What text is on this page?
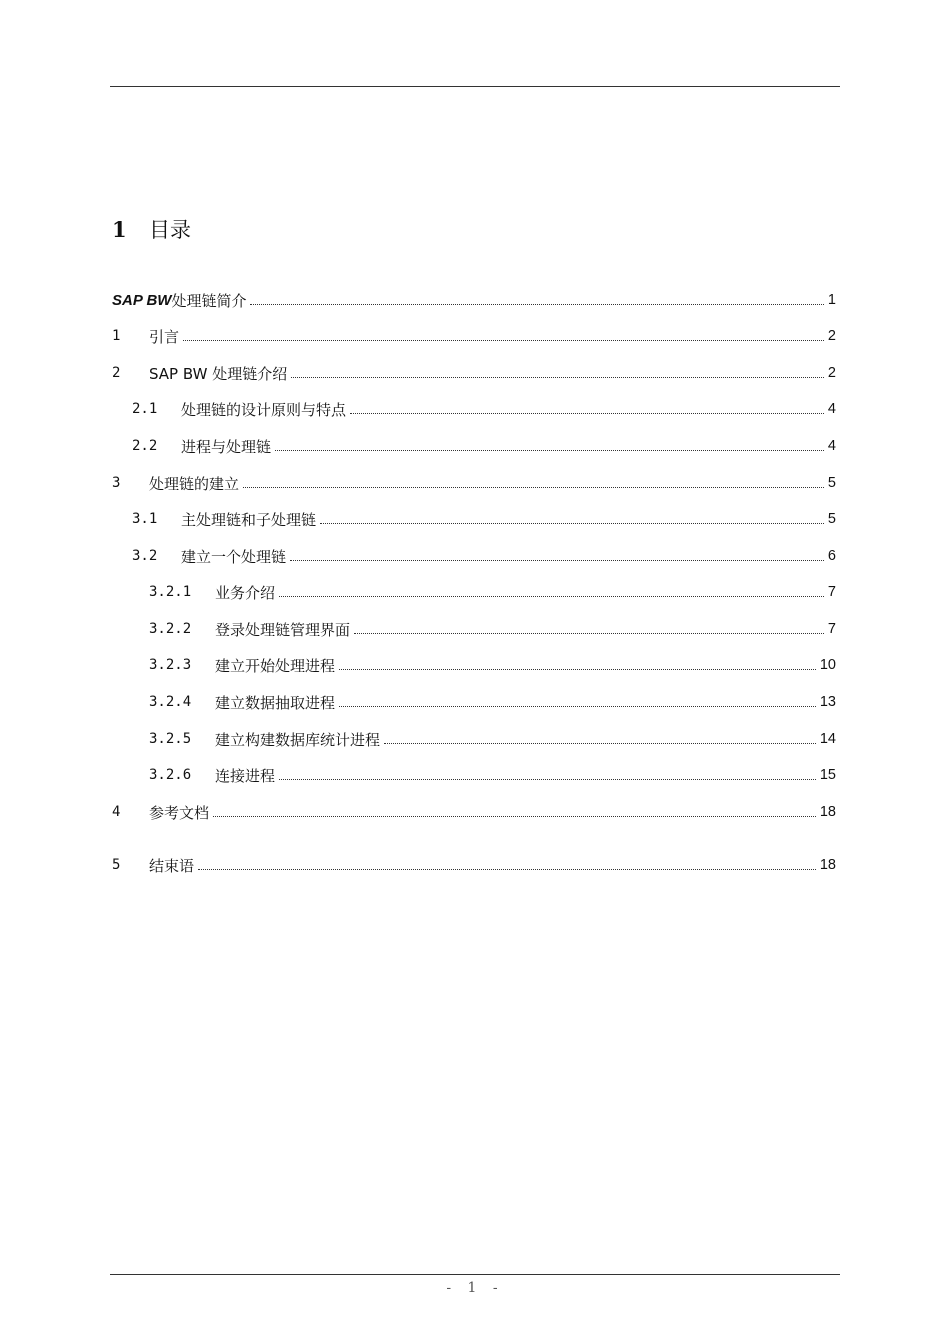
1	目录
SAP BW 处理链简介	1
1	引言	2
2	SAP BW 处理链介绍	2
2.1	处理链的设计原则与特点	4
2.2	进程与处理链	4
3	处理链的建立	5
3.1	主处理链和子处理链	5
3.2	建立一个处理链	6
3.2.1	业务介绍	7
3.2.2	登录处理链管理界面	7
3.2.3	建立开始处理进程	10
3.2.4	建立数据抽取进程	13
3.2.5	建立构建数据库统计进程	14
3.2.6	连接进程	15
4	参考文档	18
5	结束语	18
- 1 -
